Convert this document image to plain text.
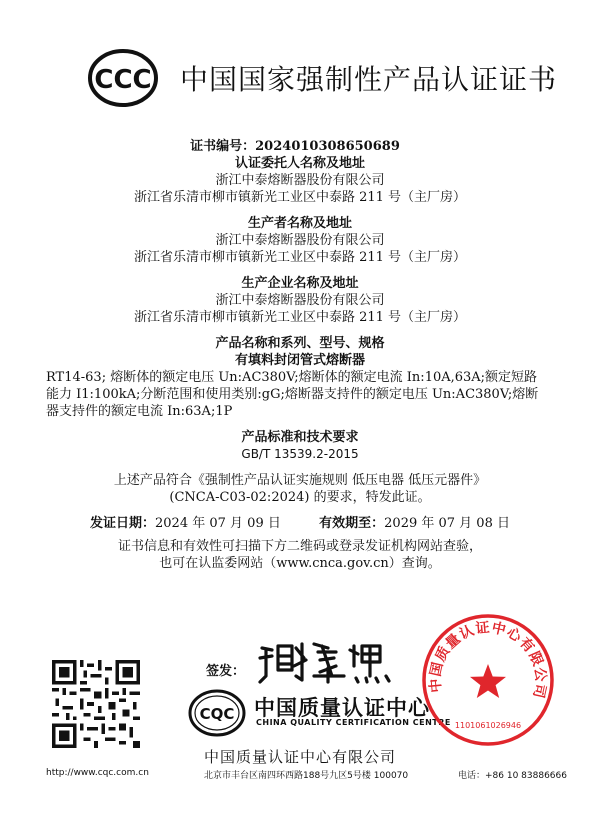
CCC 中国国家强制性产品认证证书
证书编号：2024010308650689
认证委托人名称及地址
浙江中泰熔断器股份有限公司
浙江省乐清市柳市镇新光工业区中泰路 211 号（主厂房）
生产者名称及地址
浙江中泰熔断器股份有限公司
浙江省乐清市柳市镇新光工业区中泰路 211 号（主厂房）
生产企业名称及地址
浙江中泰熔断器股份有限公司
浙江省乐清市柳市镇新光工业区中泰路 211 号（主厂房）
产品名称和系列、型号、规格
有填料封闭管式熔断器
RT14-63; 熔断体的额定电压 Un:AC380V;熔断体的额定电流 In:10A,63A;额定短路
能力 I1:100kA;分断范围和使用类别:gG;熔断器支持件的额定电压 Un:AC380V;熔断
器支持件的额定电流 In:63A;1P
产品标准和技术要求
GB/T 13539.2-2015
上述产品符合《强制性产品认证实施规则 低压电器 低压元器件》
(CNCA-C03-02:2024) 的要求，特发此证。
发证日期：2024 年 07 月 09 日	有效期至：2029 年 07 月 08 日
证书信息和有效性可扫描下方二维码或登录发证机构网站查验，
也可在认监委网站（www.cnca.gov.cn）查询。
签发：
CQC 中国质量认证中心
CHINA QUALITY CERTIFICATION CENTRE
中国质量认证中心有限公司
1101061026946
中国质量认证中心有限公司
http://www.cqc.com.cn	北京市丰台区南四环西路188号九区5号楼 100070	电话：+86 10 83886666
